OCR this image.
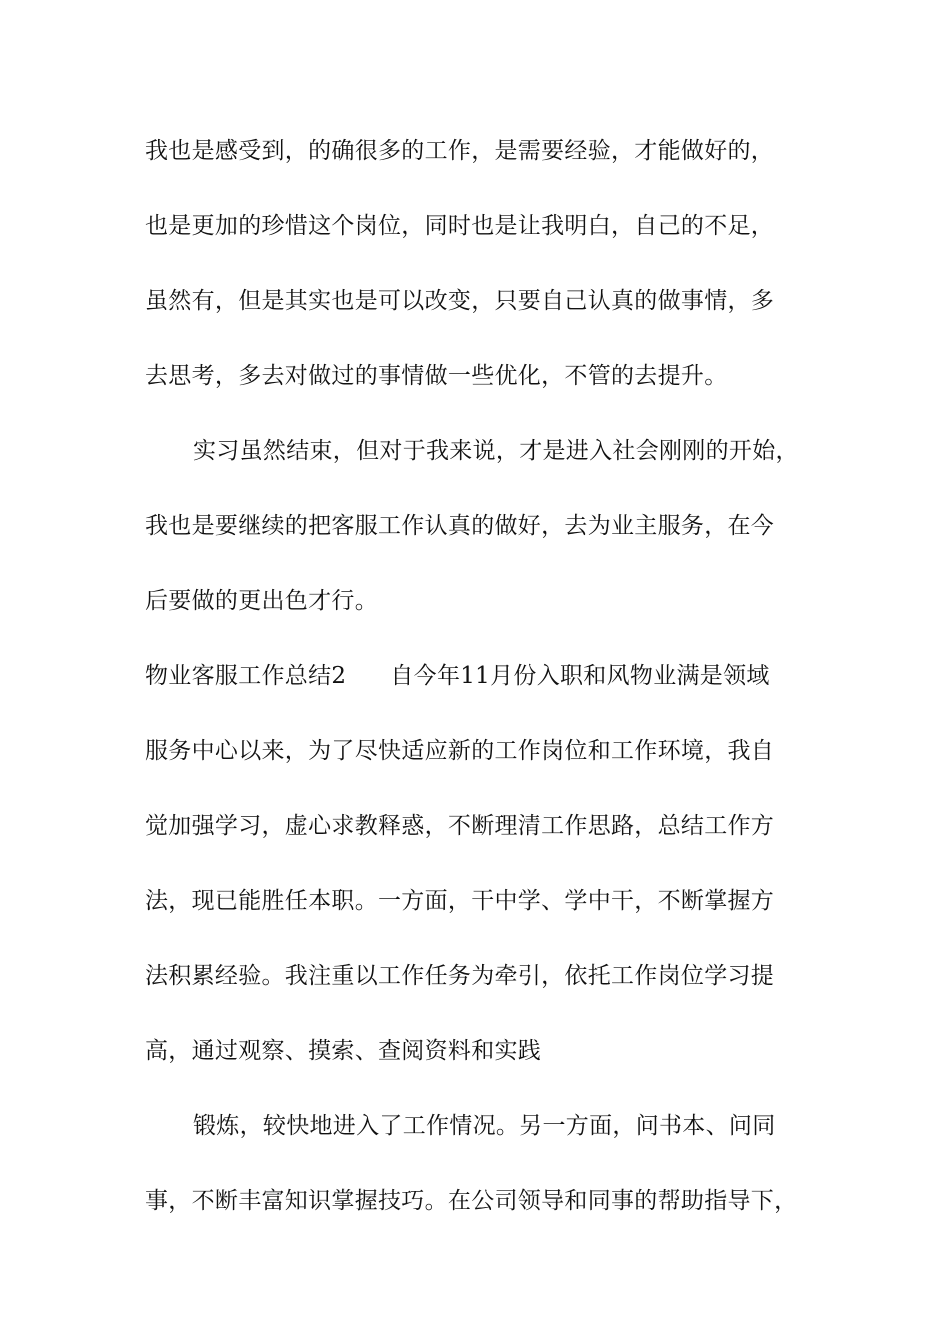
我也是感受到，的确很多的工作，是需要经验，才能做好的，
也是更加的珍惜这个岗位，同时也是让我明白，自己的不足，
虽然有，但是其实也是可以改变，只要自己认真的做事情，多
去思考，多去对做过的事情做一些优化，不管的去提升。
实习虽然结束，但对于我来说，才是进入社会刚刚的开始，
我也是要继续的把客服工作认真的做好，去为业主服务，在今
后要做的更出色才行。
物业客服工作总结2 自今年11月份入职和风物业满是领域
服务中心以来，为了尽快适应新的工作岗位和工作环境，我自
觉加强学习，虚心求教释惑，不断理清工作思路，总结工作方
法，现已能胜任本职。一方面，干中学、学中干，不断掌握方
法积累经验。我注重以工作任务为牵引，依托工作岗位学习提
高，通过观察、摸索、查阅资料和实践
锻炼，较快地进入了工作情况。另一方面，问书本、问同
事，不断丰富知识掌握技巧。在公司领导和同事的帮助指导下，
